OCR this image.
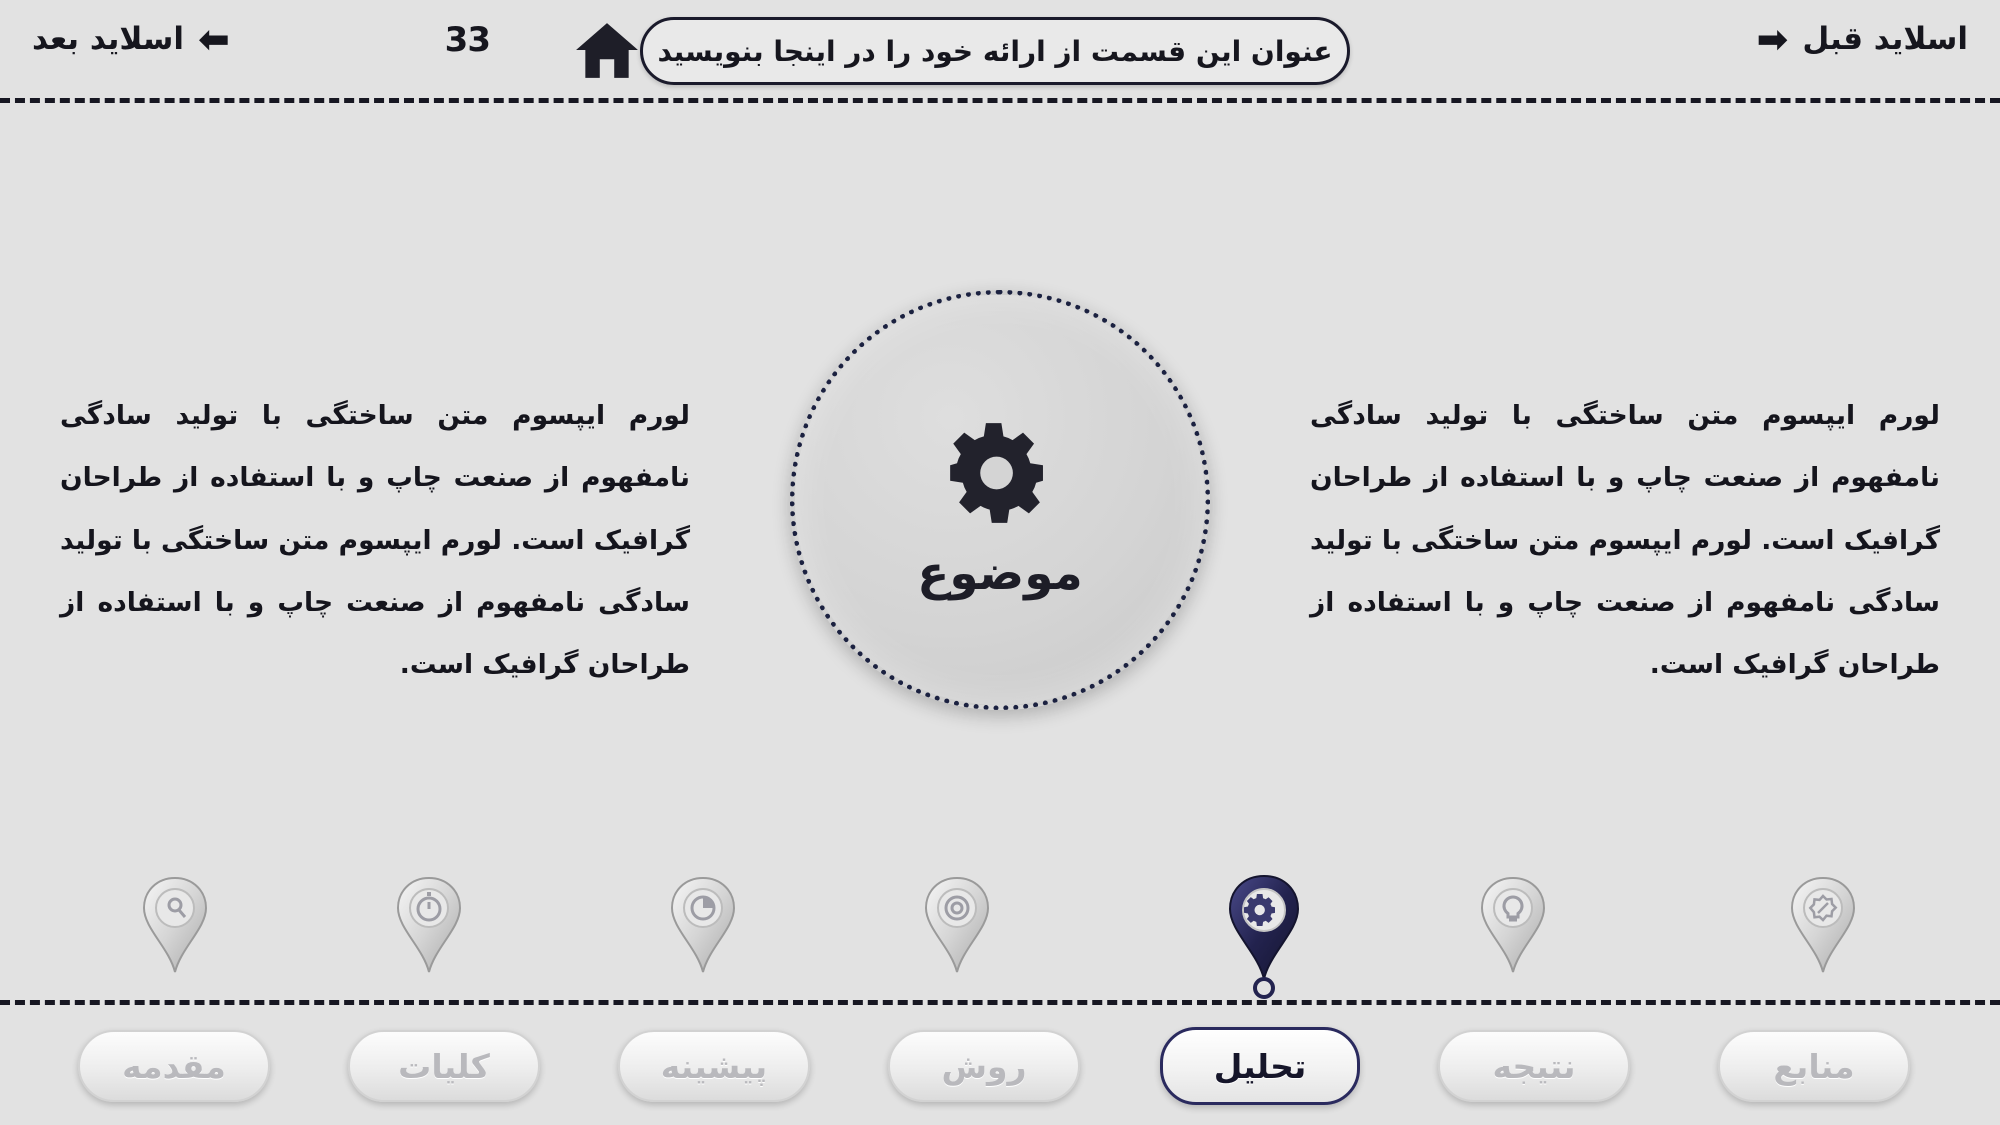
اسلاید قبل
➡
33	عنوان این قسمت از ارائه خود را در اینجا بنویسید
⬅
اسلاید بعد
لورم ایپسوم متن ساختگی با تولید سادگی نامفهوم از صنعت چاپ و با استفاده از طراحان گرافیک است. لورم ایپسوم متن ساختگی با تولید سادگی نامفهوم از صنعت چاپ و با استفاده از طراحان گرافیک است.
لورم ایپسوم متن ساختگی با تولید سادگی نامفهوم از صنعت چاپ و با استفاده از طراحان گرافیک است. لورم ایپسوم متن ساختگی با تولید سادگی نامفهوم از صنعت چاپ و با استفاده از طراحان گرافیک است.
موضوع
مقدمه	کلیات	پیشینه	روش	تحلیل	نتیجه	منابع
